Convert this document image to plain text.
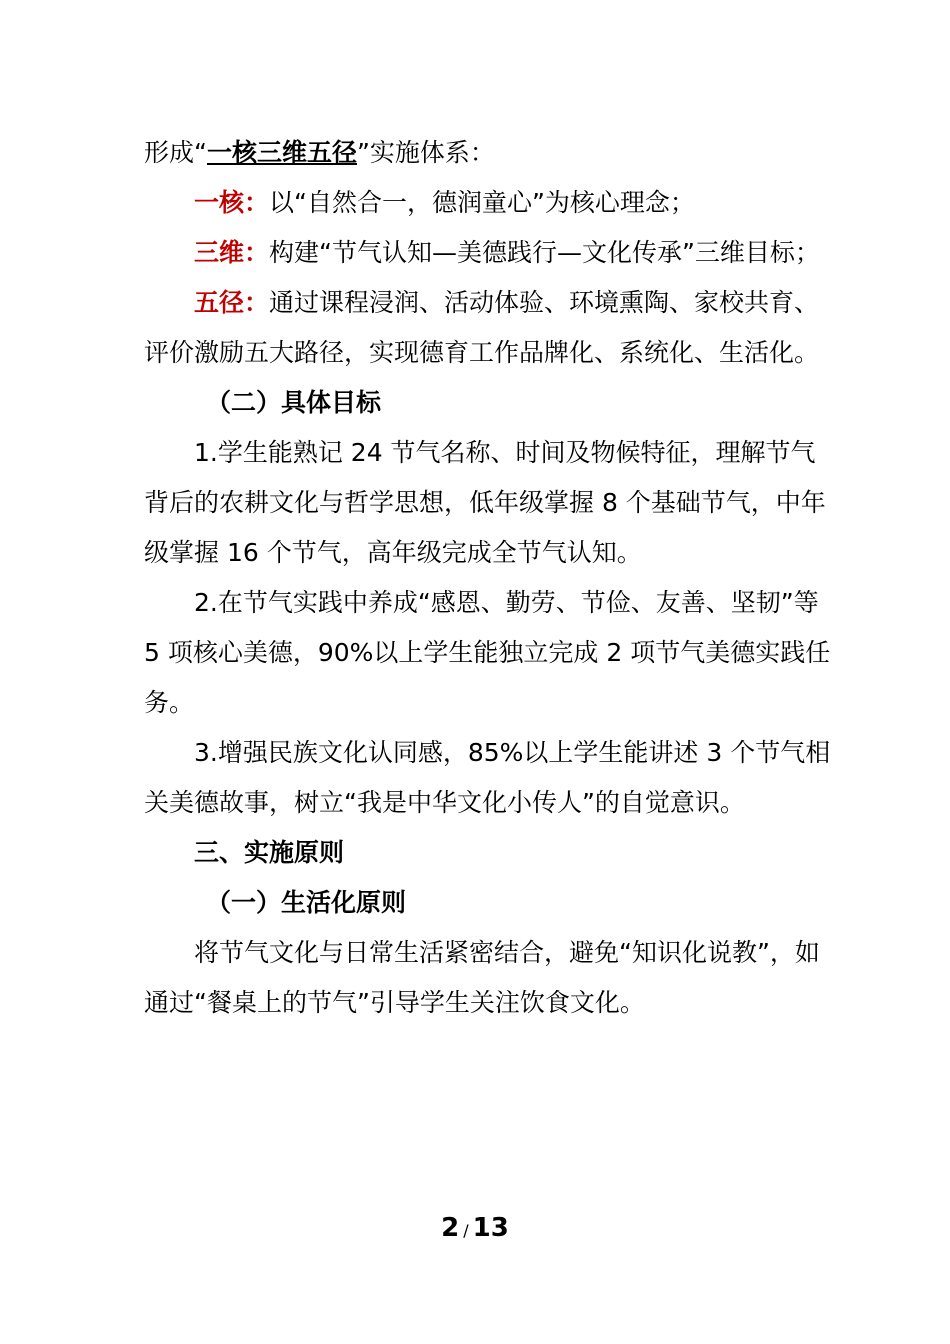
形成“一核三维五径”实施体系：

一核：以“自然合一，德润童心”为核心理念；

三维：构建“节气认知—美德践行—文化传承”三维目标；

五径：通过课程浸润、活动体验、环境熏陶、家校共育、评价激励五大路径，实现德育工作品牌化、系统化、生活化。

（二）具体目标

1.学生能熟记 24 节气名称、时间及物候特征，理解节气背后的农耕文化与哲学思想，低年级掌握 8 个基础节气，中年级掌握 16 个节气，高年级完成全节气认知。

2.在节气实践中养成“感恩、勤劳、节俭、友善、坚韧”等 5 项核心美德，90%以上学生能独立完成 2 项节气美德实践任务。

3.增强民族文化认同感，85%以上学生能讲述 3 个节气相关美德故事，树立“我是中华文化小传人”的自觉意识。

三、实施原则

（一）生活化原则

将节气文化与日常生活紧密结合，避免“知识化说教”，如通过“餐桌上的节气”引导学生关注饮食文化。

2 / 13
